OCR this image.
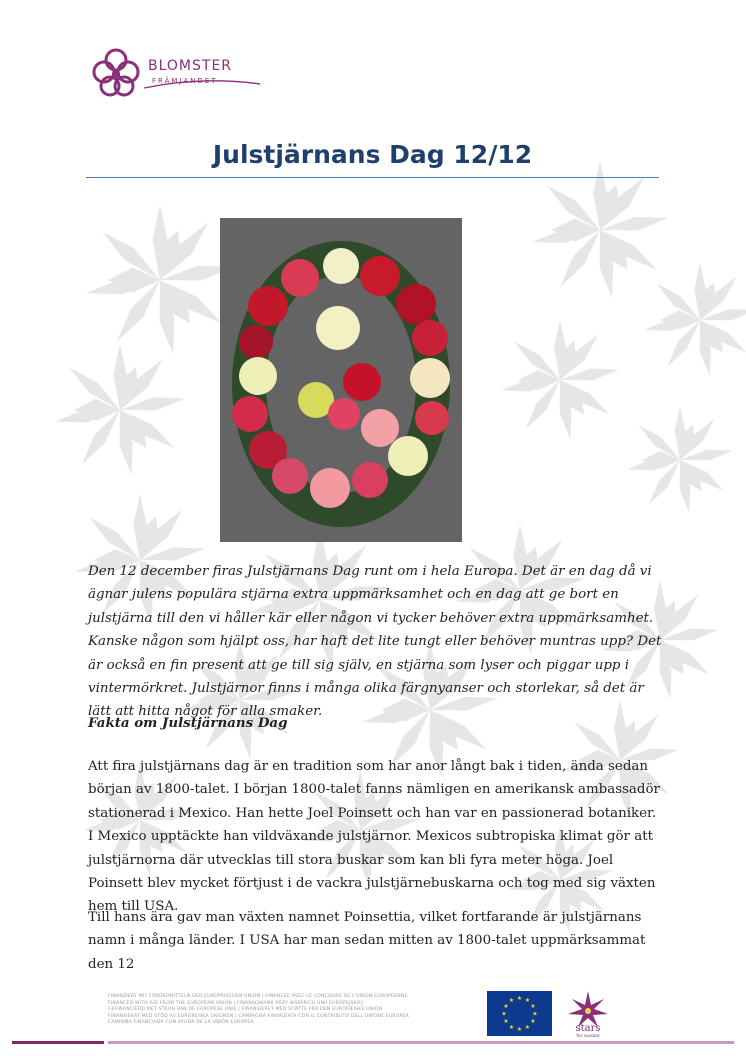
BLOMSTER
FRÄMJANDET
Julstjärnans Dag 12/12

Den 12 december firas Julstjärnans Dag runt om i hela Europa. Det är en dag då vi ägnar julens populära stjärna extra uppmärksamhet och en dag att ge bort en julstjärna till den vi håller kär eller någon vi tycker behöver extra uppmärksamhet. Kanske någon som hjälpt oss, har haft det lite tungt eller behöver muntras upp? Det är också en fin present att ge till sig själv, en stjärna som lyser och piggar upp i vintermörkret. Julstjärnor finns i många olika färgnyanser och storlekar, så det är lätt att hitta något för alla smaker.

Fakta om Julstjärnans Dag

Att fira julstjärnans dag är en tradition som har anor långt bak i tiden, ända sedan början av 1800-talet. I början 1800-talet fanns nämligen en amerikansk ambassadör stationerad i Mexico. Han hette Joel Poinsett och han var en passionerad botaniker. I Mexico upptäckte han vildväxande julstjärnor. Mexicos subtropiska klimat gör att julstjärnorna där utvecklas till stora buskar som kan bli fyra meter höga. Joel Poinsett blev mycket förtjust i de vackra julstjärnebuskarna och tog med sig växten hem till USA.

Till hans ära gav man växten namnet Poinsettia, vilket fortfarande är julstjärnans namn i många länder. I USA har man sedan mitten av 1800-talet uppmärksammat den 12

FINANZIERT MIT FÖRDERMITTELN DER EUROPÄISCHEN UNION | FINANCEE AVEC LE CONCOURS DE L'UNION EUROPEENNE
FINANCED WITH AID FROM THE EUROPEAN UNION | FINANSOWANA PRZY WSPARCIU UNII EUROPEJSKIEJ
GEFINANCIERD MET STEUN VAN DE EUROPESE UNIE | FINANSIERET MED STØTTE FRA DEN EUROPÆISKE UNION
FINANSIERAT MED STÖD AV EUROPEISKA UNIONEN | CAMPAGNA FINANZIATA CON IL CONTRIBUTO DELL'UNIONE EUROPEA
CAMPAÑA FINANCIADA CON AYUDA DE LA UNIÓN EUROPEA
★ ★
★
★
★
★
★
★
★
★
★
★
stars
for europe
